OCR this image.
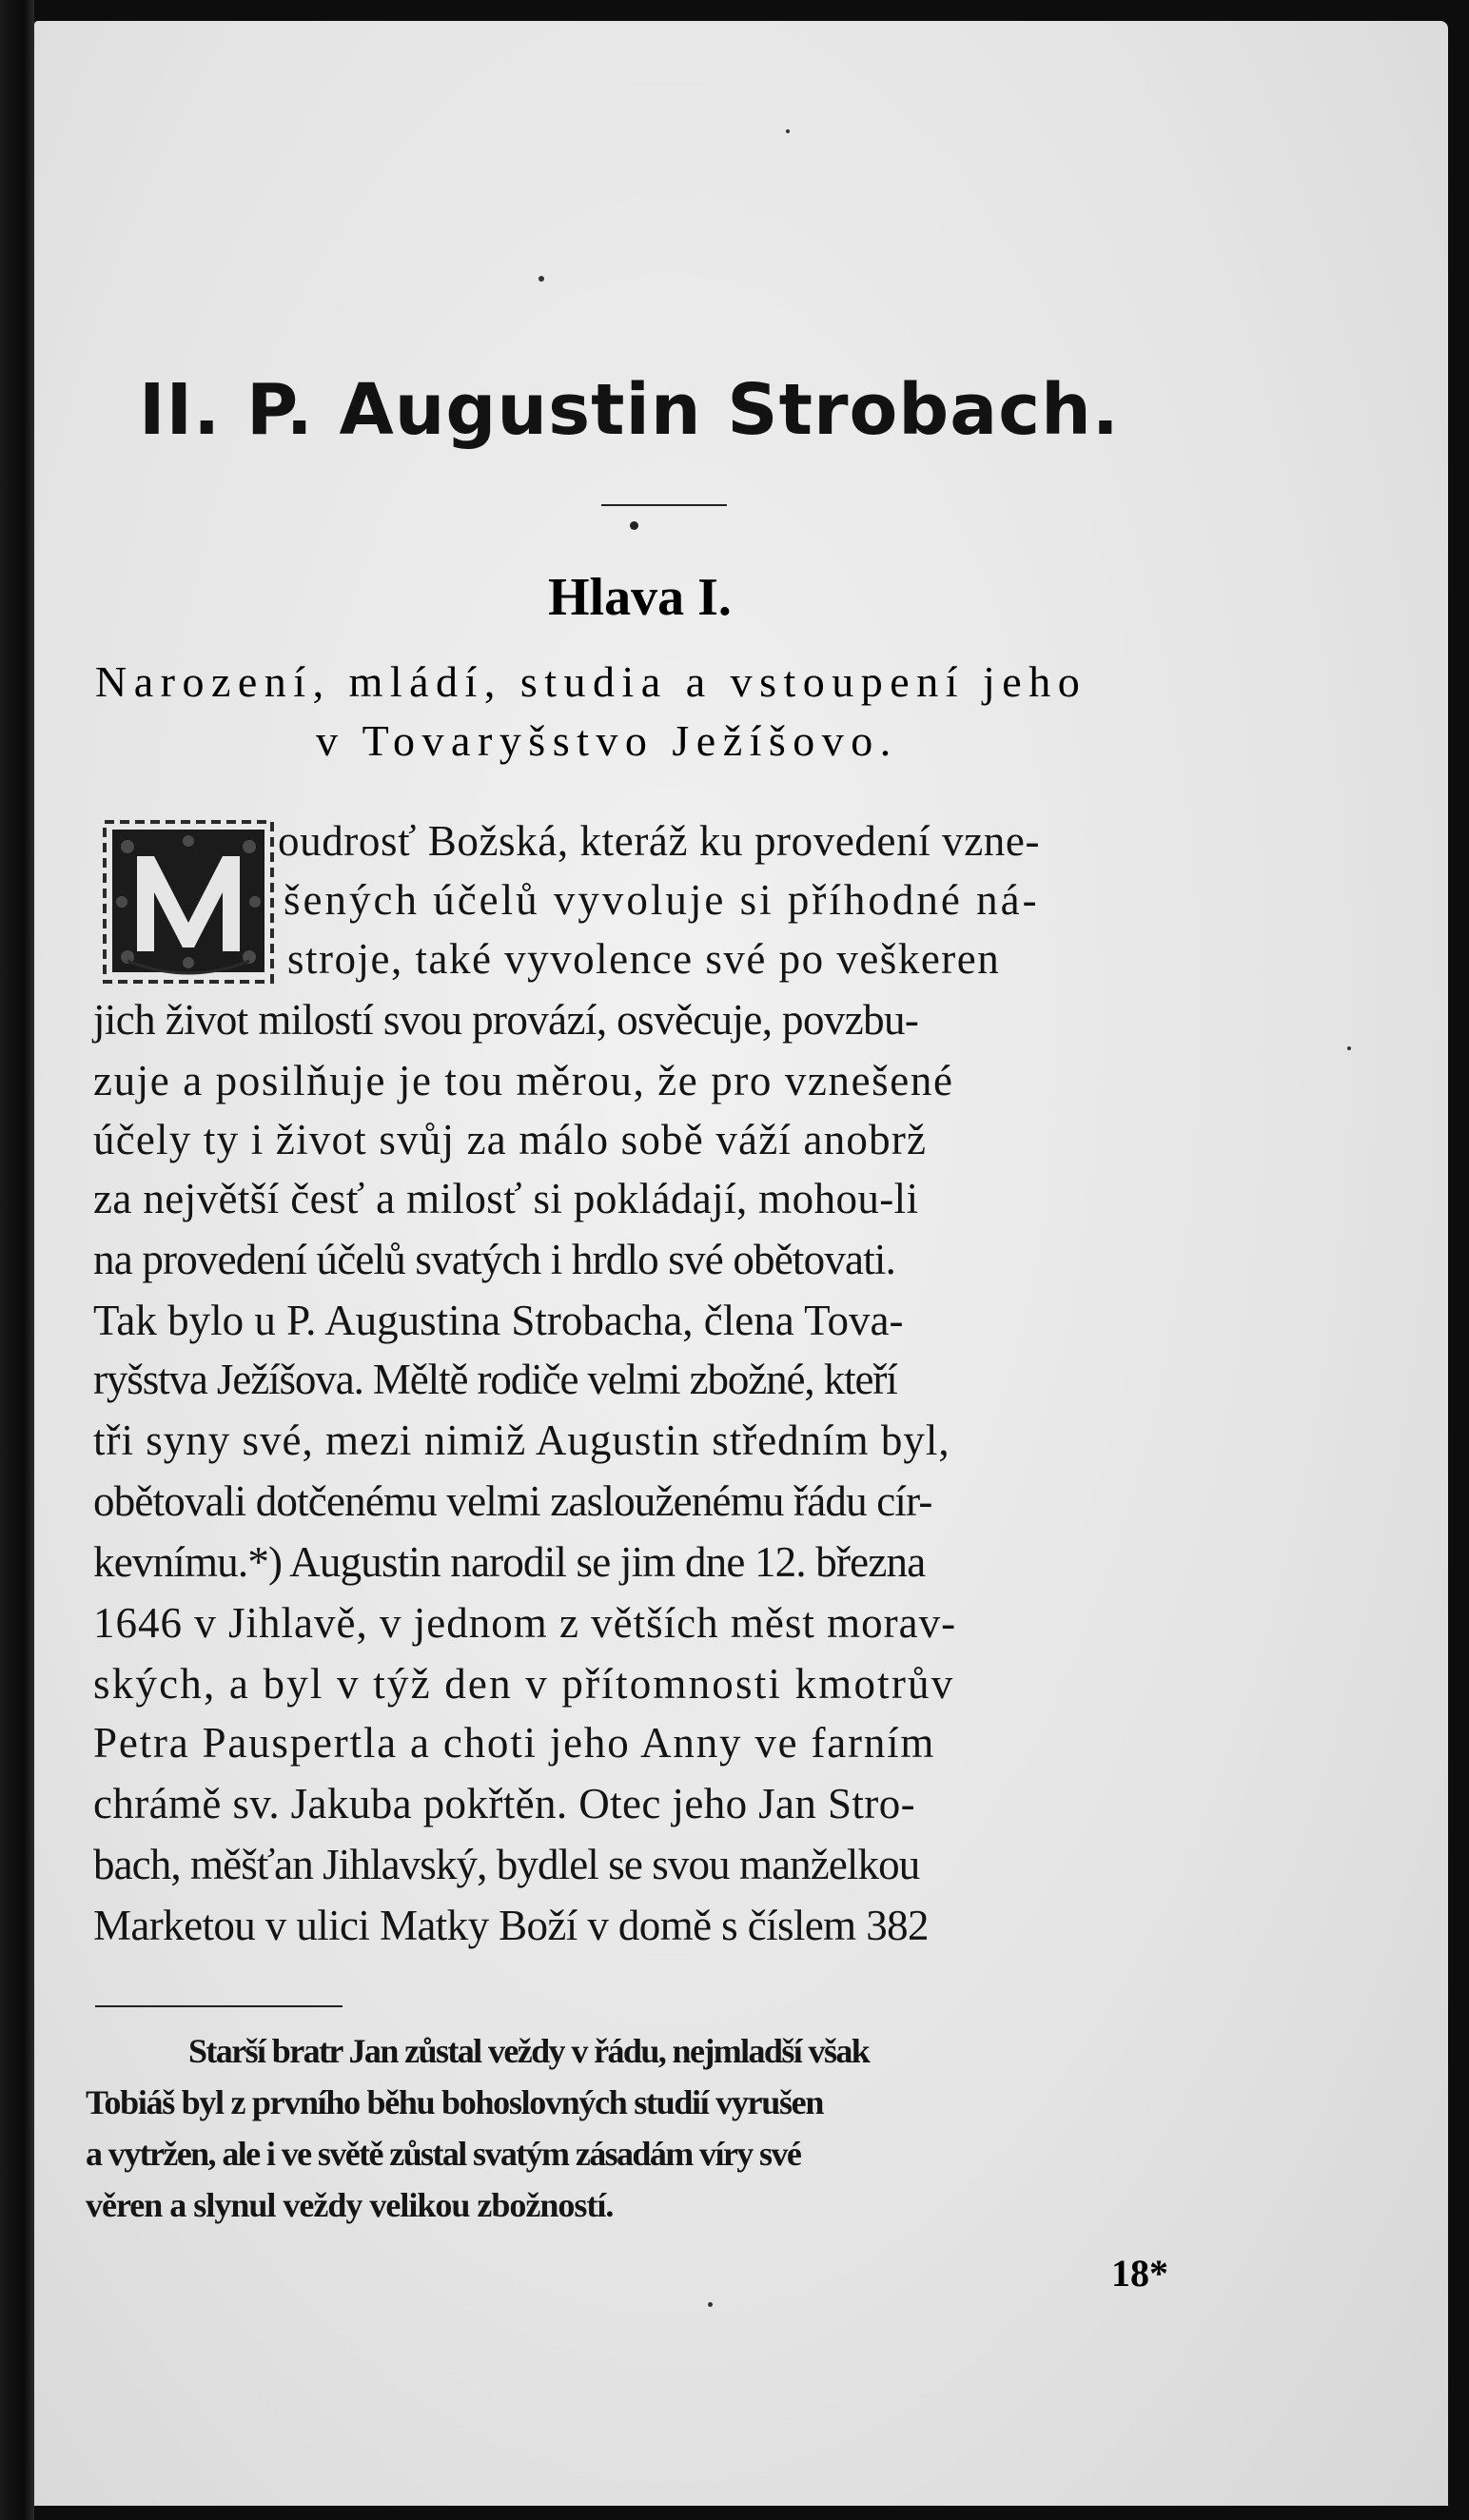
II. P. Augustin Strobach.
Hlava I.
Narození, mládí, studia a vstoupení jeho
v Tovaryšstvo Ježíšovo.
oudrosť Božská, kteráž ku provedení vzne-
šených účelů vyvoluje si příhodné ná-
stroje, také vyvolence své po veškeren
jich život milostí svou provází, osvěcuje, povzbu-
zuje a posilňuje je tou měrou, že pro vznešené
účely ty i život svůj za málo sobě váží anobrž
za největší česť a milosť si pokládají, mohou-li
na provedení účelů svatých i hrdlo své obětovati.
Tak bylo u P. Augustina Strobacha, člena Tova-
ryšstva Ježíšova. Měltě rodiče velmi zbožné, kteří
tři syny své, mezi nimiž Augustin středním byl,
obětovali dotčenému velmi zaslouženému řádu cír-
kevnímu.*) Augustin narodil se jim dne 12. března
1646 v Jihlavě, v jednom z větších měst morav-
ských, a byl v týž den v přítomnosti kmotrův
Petra Pauspertla a choti jeho Anny ve farním
chrámě sv. Jakuba pokřtěn. Otec jeho Jan Stro-
bach, měšťan Jihlavský, bydlel se svou manželkou
Marketou v ulici Matky Boží v domě s číslem 382
Starší bratr Jan zůstal veždy v řádu, nejmladší však
Tobiáš byl z prvního běhu bohoslovných studií vyrušen
a vytržen, ale i ve světě zůstal svatým zásadám víry své
věren a slynul veždy velikou zbožností.
18*
